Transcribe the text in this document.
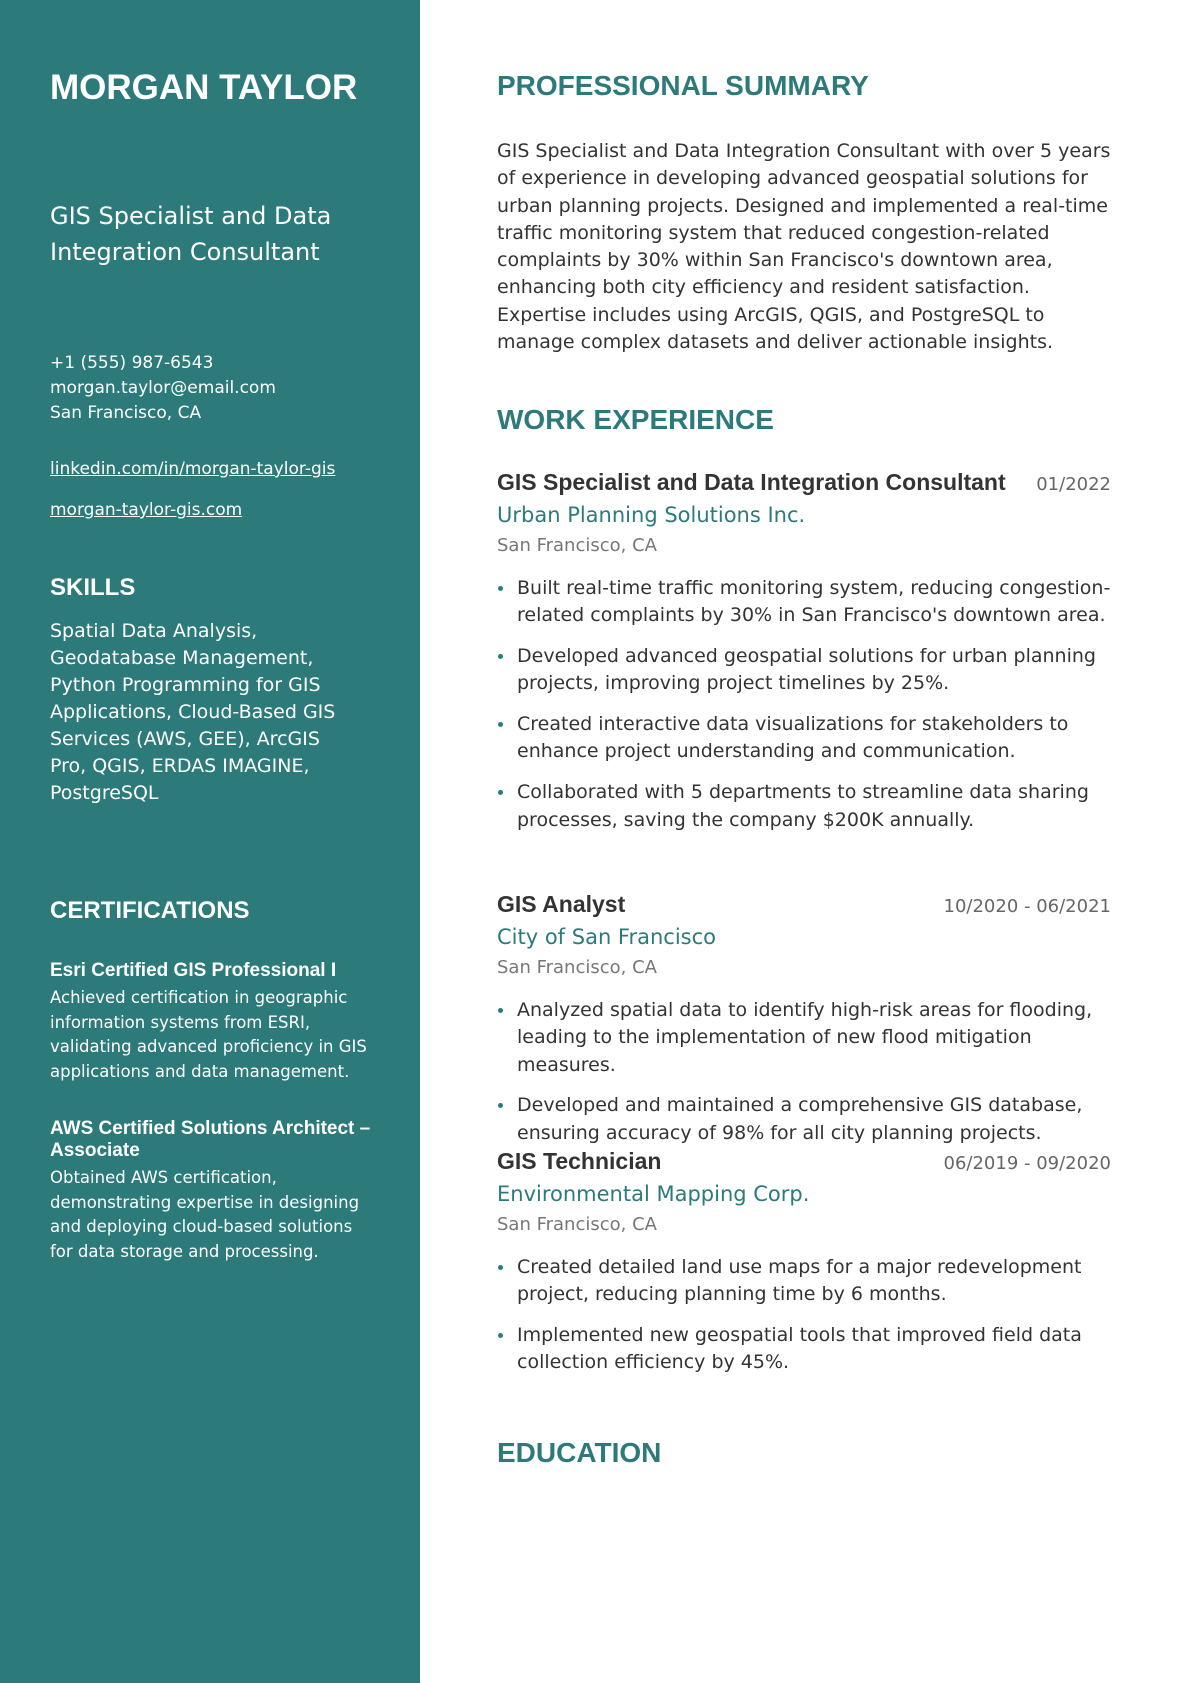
MORGAN TAYLOR
GIS Specialist and Data Integration Consultant
+1 (555) 987-6543
morgan.taylor@email.com
San Francisco, CA
linkedin.com/in/morgan-taylor-gis
morgan-taylor-gis.com
SKILLS
Spatial Data Analysis, Geodatabase Management, Python Programming for GIS Applications, Cloud-Based GIS Services (AWS, GEE), ArcGIS Pro, QGIS, ERDAS IMAGINE, PostgreSQL
CERTIFICATIONS
Esri Certified GIS Professional I
Achieved certification in geographic information systems from ESRI, validating advanced proficiency in GIS applications and data management.
AWS Certified Solutions Architect – Associate
Obtained AWS certification, demonstrating expertise in designing and deploying cloud-based solutions for data storage and processing.
PROFESSIONAL SUMMARY

GIS Specialist and Data Integration Consultant with over 5 years of experience in developing advanced geospatial solutions for urban planning projects. Designed and implemented a real-time traffic monitoring system that reduced congestion-related complaints by 30% within San Francisco's downtown area, enhancing both city efficiency and resident satisfaction. Expertise includes using ArcGIS, QGIS, and PostgreSQL to manage complex datasets and deliver actionable insights.

WORK EXPERIENCE
GIS Specialist and Data Integration Consultant 01/2022
Urban Planning Solutions Inc.
San Francisco, CA
Built real-time traffic monitoring system, reducing congestion-related complaints by 30% in San Francisco's downtown area.
Developed advanced geospatial solutions for urban planning projects, improving project timelines by 25%.
Created interactive data visualizations for stakeholders to enhance project understanding and communication.
Collaborated with 5 departments to streamline data sharing processes, saving the company $200K annually.
GIS Analyst	10/2020 - 06/2021
City of San Francisco
San Francisco, CA
Analyzed spatial data to identify high-risk areas for flooding, leading to the implementation of new flood mitigation measures.
Developed and maintained a comprehensive GIS database, ensuring accuracy of 98% for all city planning projects.
GIS Technician	06/2019 - 09/2020
Environmental Mapping Corp.
San Francisco, CA
Created detailed land use maps for a major redevelopment project, reducing planning time by 6 months.
Implemented new geospatial tools that improved field data collection efficiency by 45%.
EDUCATION
